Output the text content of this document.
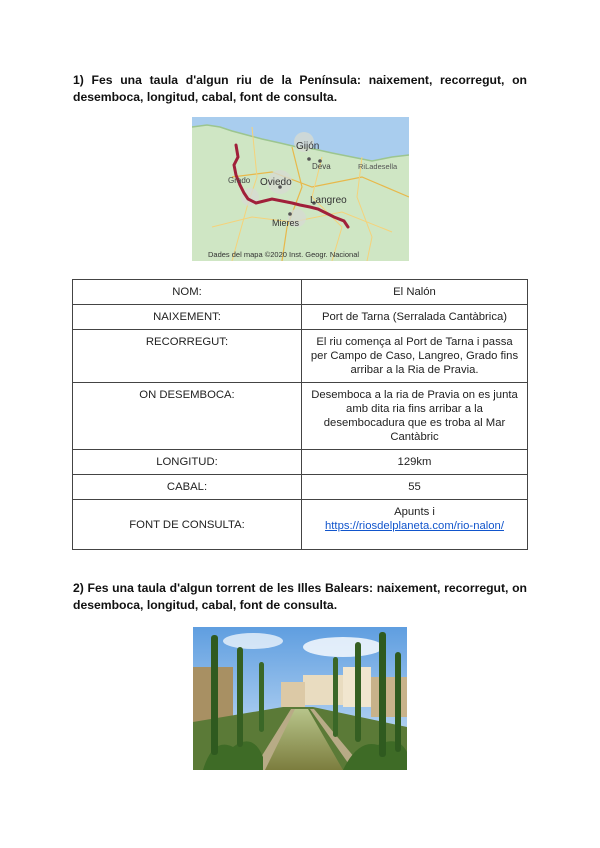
1) Fes una taula d'algun riu de la Península: naixement, recorregut, on desemboca, longitud, cabal, font de consulta.
Gijón
Deva
Oviedo
Grado
Langreo
Mieres
RiLadesella
Dades del mapa ©2020 Inst. Geogr. Nacional
NOM:	El Nalón
NAIXEMENT:	Port de Tarna (Serralada Cantàbrica)
RECORREGUT:	El riu comença al Port de Tarna i passa per Campo de Caso, Langreo, Grado fins arribar a la Ria de Pravia.
ON DESEMBOCA:	Desemboca a la ria de Pravia on es junta amb dita ria fins arribar a la desembocadura que es troba al Mar Cantàbric
LONGITUD:	129km
CABAL:	55
FONT DE CONSULTA:	Apunts i
https://riosdelplaneta.com/rio-nalon/
2) Fes una taula d'algun torrent de les Illes Balears: naixement, recorregut, on desemboca, longitud, cabal, font de consulta.
